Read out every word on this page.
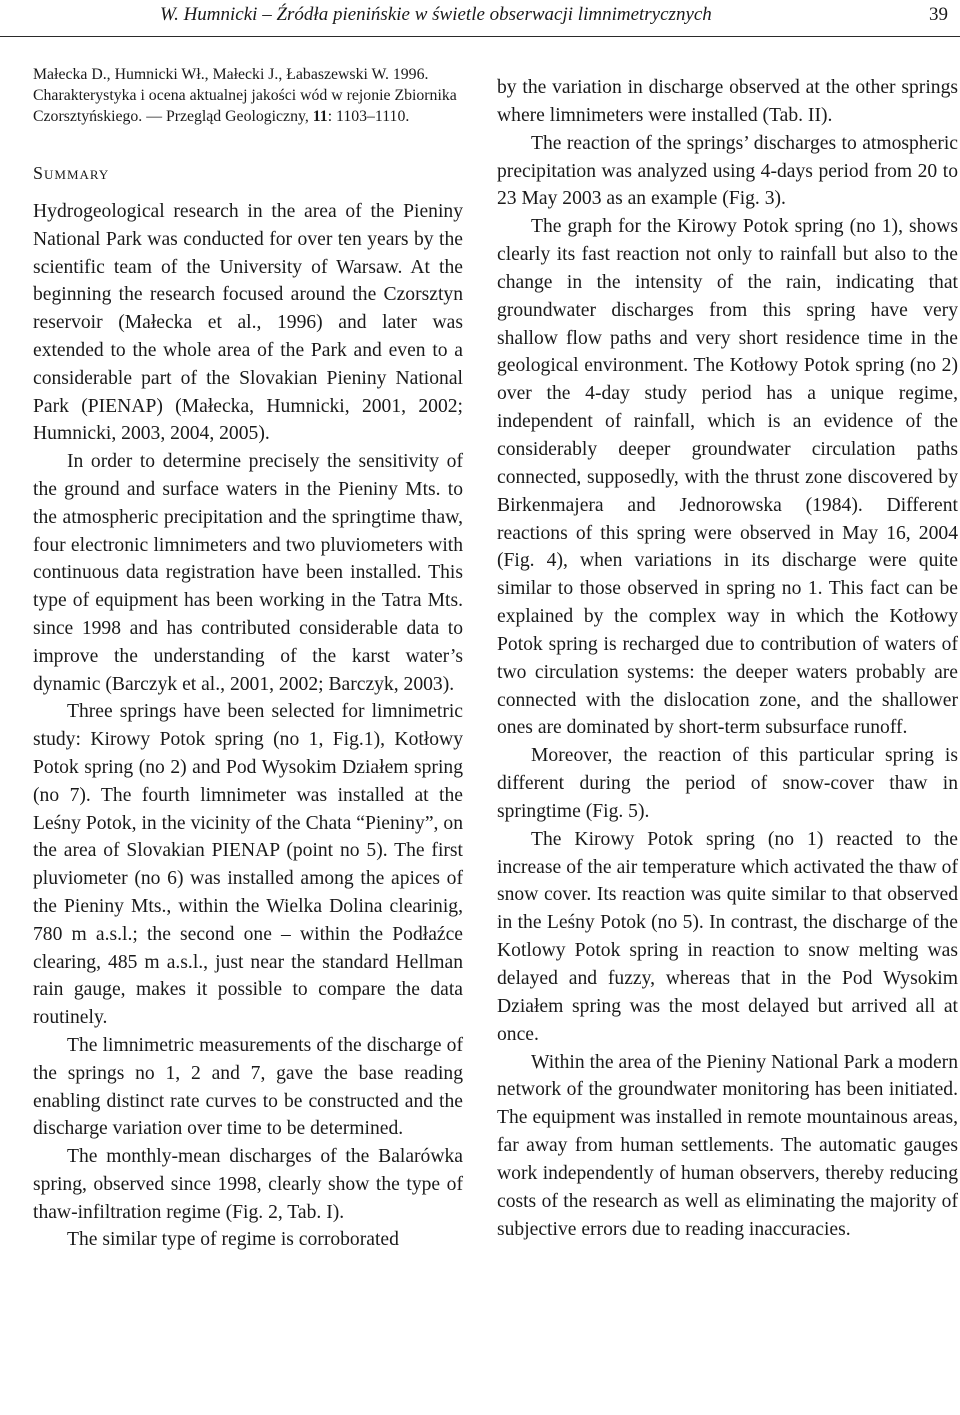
W. Humnicki – Źródła pienińskie w świetle obserwacji limnimetrycznych	39
Małecka D., Humnicki Wł., Małecki J., Łabaszewski W. 1996. Charakterystyka i ocena aktualnej jakości wód w rejonie Zbiornika Czorsztyńskiego. — Przegląd Geologiczny, 11: 1103–1110.
Summary

Hydrogeological research in the area of the Pieniny National Park was conducted for over ten years by the scientific team of the University of Warsaw. At the beginning the research focused around the Czorsztyn reservoir (Małecka et al., 1996) and later was extended to the whole area of the Park and even to a considerable part of the Slovakian Pieniny National Park (PIENAP) (Małecka, Humnicki, 2001, 2002; Humnicki, 2003, 2004, 2005).

In order to determine precisely the sensitivity of the ground and surface waters in the Pieniny Mts. to the atmospheric precipitation and the springtime thaw, four electronic limnimeters and two pluviometers with continuous data registration have been installed. This type of equipment has been working in the Tatra Mts. since 1998 and has contributed considerable data to improve the understanding of the karst water’s dynamic (Barczyk et al., 2001, 2002; Barczyk, 2003).

Three springs have been selected for limnimetric study: Kirowy Potok spring (no 1, Fig.1), Kotłowy Potok spring (no 2) and Pod Wysokim Działem spring (no 7). The fourth limnimeter was installed at the Leśny Potok, in the vicinity of the Chata “Pieniny”, on the area of Slovakian PIENAP (point no 5). The first pluviometer (no 6) was installed among the apices of the Pieniny Mts., within the Wielka Dolina clearinig, 780 m a.s.l.; the second one – within the Podłaźce clearing, 485 m a.s.l., just near the standard Hellman rain gauge, makes it possible to compare the data routinely.

The limnimetric measurements of the discharge of the springs no 1, 2 and 7, gave the base reading enabling distinct rate curves to be constructed and the discharge variation over time to be determined.

The monthly-mean discharges of the Balarówka spring, observed since 1998, clearly show the type of thaw-infiltration regime (Fig. 2, Tab. I).

The similar type of regime is corroborated

by the variation in discharge observed at the other springs where limnimeters were installed (Tab. II).

The reaction of the springs’ discharges to atmospheric precipitation was analyzed using 4-days period from 20 to 23 May 2003 as an example (Fig. 3).

The graph for the Kirowy Potok spring (no 1), shows clearly its fast reaction not only to rainfall but also to the change in the intensity of the rain, indicating that groundwater discharges from this spring have very shallow flow paths and very short residence time in the geological environment. The Kotłowy Potok spring (no 2) over the 4-day study period has a unique regime, independent of rainfall, which is an evidence of the considerably deeper groundwater circulation paths connected, supposedly, with the thrust zone discovered by Birkenmajera and Jednorowska (1984). Different reactions of this spring were observed in May 16, 2004 (Fig. 4), when variations in its discharge were quite similar to those observed in spring no 1. This fact can be explained by the complex way in which the Kotłowy Potok spring is recharged due to contribution of waters of two circulation systems: the deeper waters probably are connected with the dislocation zone, and the shallower ones are dominated by short-term subsurface runoff.

Moreover, the reaction of this particular spring is different during the period of snow-cover thaw in springtime (Fig. 5).

The Kirowy Potok spring (no 1) reacted to the increase of the air temperature which activated the thaw of snow cover. Its reaction was quite similar to that observed in the Leśny Potok (no 5). In contrast, the discharge of the Kotlowy Potok spring in reaction to snow melting was delayed and fuzzy, whereas that in the Pod Wysokim Działem spring was the most delayed but arrived all at once.

Within the area of the Pieniny National Park a modern network of the groundwater monitoring has been initiated. The equipment was installed in remote mountainous areas, far away from human settlements. The automatic gauges work independently of human observers, thereby reducing costs of the research as well as eliminating the majority of subjective errors due to reading inaccuracies.
